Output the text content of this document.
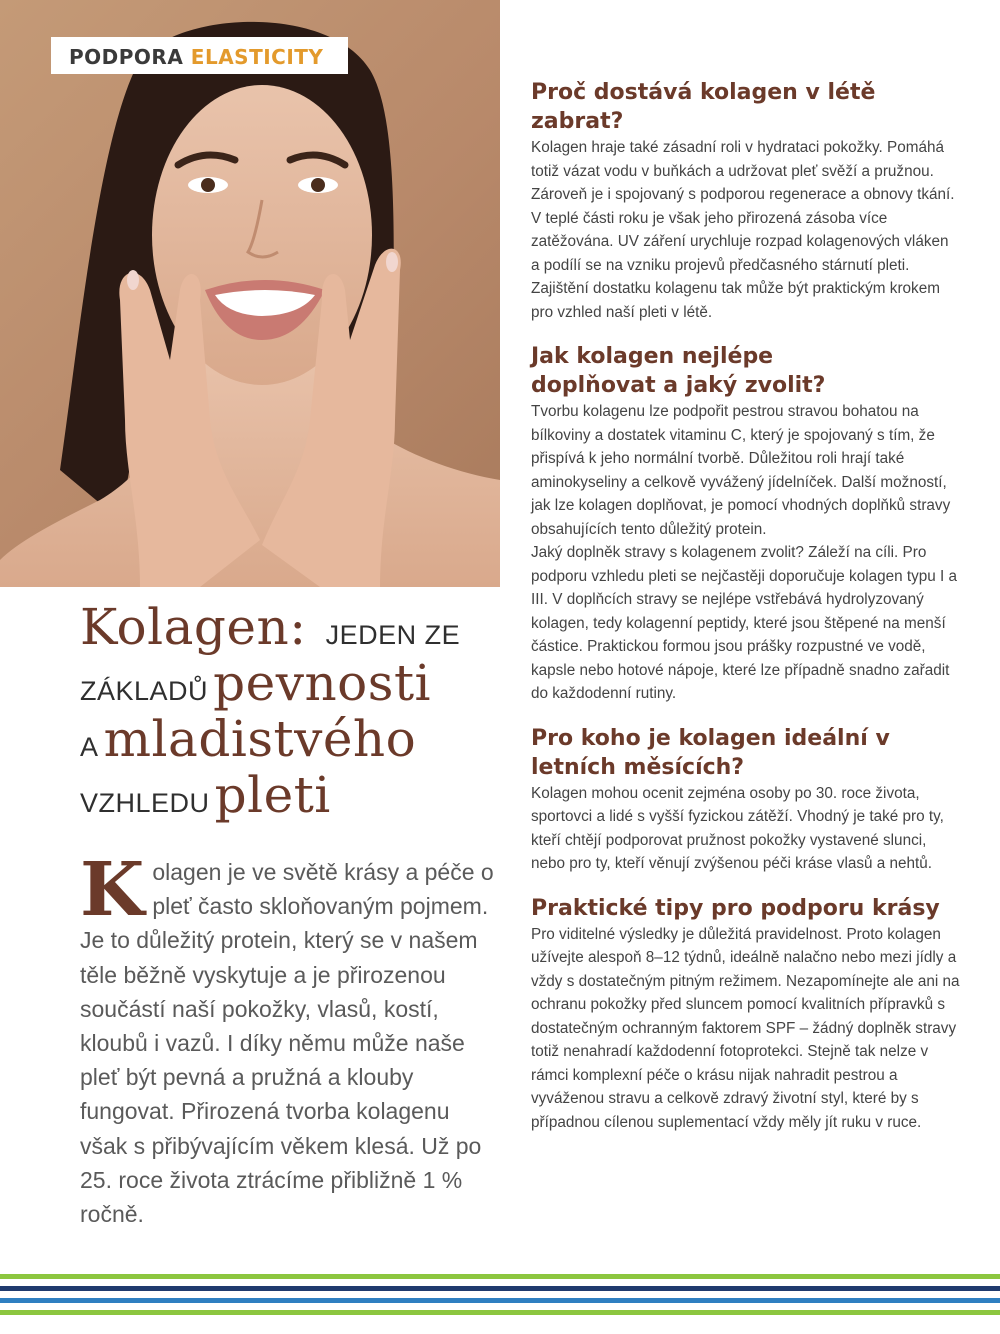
PODPORA ELASTICITY
Kolagen: JEDEN ZE
ZÁKLADŮ pevnosti
A mladistvého
VZHLEDU pleti
K olagen je ve světě krásy a péče o pleť často skloňovaným pojmem. Je to důležitý protein, který se v našem těle běžně vyskytuje a je přirozenou součástí naší pokožky, vlasů, kostí, kloubů i vazů. I díky němu může naše pleť být pevná a pružná a klouby fungovat. Přirozená tvorba kolagenu však s přibývajícím věkem klesá. Už po 25. roce života ztrácíme přibližně 1 % ročně.
Proč dostává kolagen v létě zabrat?

Kolagen hraje také zásadní roli v hydrataci pokožky. Pomáhá totiž vázat vodu v buňkách a udržovat pleť svěží a pružnou. Zároveň je i spojovaný s podporou regenerace a obnovy tkání.

V teplé části roku je však jeho přirozená zásoba více zatěžována. UV záření urychluje rozpad kolagenových vláken a podílí se na vzniku projevů předčasného stárnutí pleti. Zajištění dostatku kolagenu tak může být praktickým krokem pro vzhled naší pleti v létě.

Jak kolagen nejlépe doplňovat a jaký zvolit?

Tvorbu kolagenu lze podpořit pestrou stravou bohatou na bílkoviny a dostatek vitaminu C, který je spojovaný s tím, že přispívá k jeho normální tvorbě. Důležitou roli hrají také aminokyseliny a celkově vyvážený jídelníček. Další možností, jak lze kolagen doplňovat, je pomocí vhodných doplňků stravy obsahujících tento důležitý protein.

Jaký doplněk stravy s kolagenem zvolit? Záleží na cíli. Pro podporu vzhledu pleti se nejčastěji doporučuje kolagen typu I a III. V doplňcích stravy se nejlépe vstřebává hydrolyzovaný kolagen, tedy kolagenní peptidy, které jsou štěpené na menší částice. Praktickou formou jsou prášky rozpustné ve vodě, kapsle nebo hotové nápoje, které lze případně snadno zařadit do každodenní rutiny.

Pro koho je kolagen ideální v letních měsících?

Kolagen mohou ocenit zejména osoby po 30. roce života, sportovci a lidé s vyšší fyzickou zátěží. Vhodný je také pro ty, kteří chtějí podporovat pružnost pokožky vystavené slunci, nebo pro ty, kteří věnují zvýšenou péči kráse vlasů a nehtů.

Praktické tipy pro podporu krásy

Pro viditelné výsledky je důležitá pravidelnost. Proto kolagen užívejte alespoň 8–12 týdnů, ideálně nalačno nebo mezi jídly a vždy s dostatečným pitným režimem. Nezapomínejte ale ani na ochranu pokožky před sluncem pomocí kvalitních přípravků s dostatečným ochranným faktorem SPF – žádný doplněk stravy totiž nenahradí každodenní fotoprotekci. Stejně tak nelze v rámci komplexní péče o krásu nijak nahradit pestrou a vyváženou stravu a celkově zdravý životní styl, které by s případnou cílenou suplementací vždy měly jít ruku v ruce.
